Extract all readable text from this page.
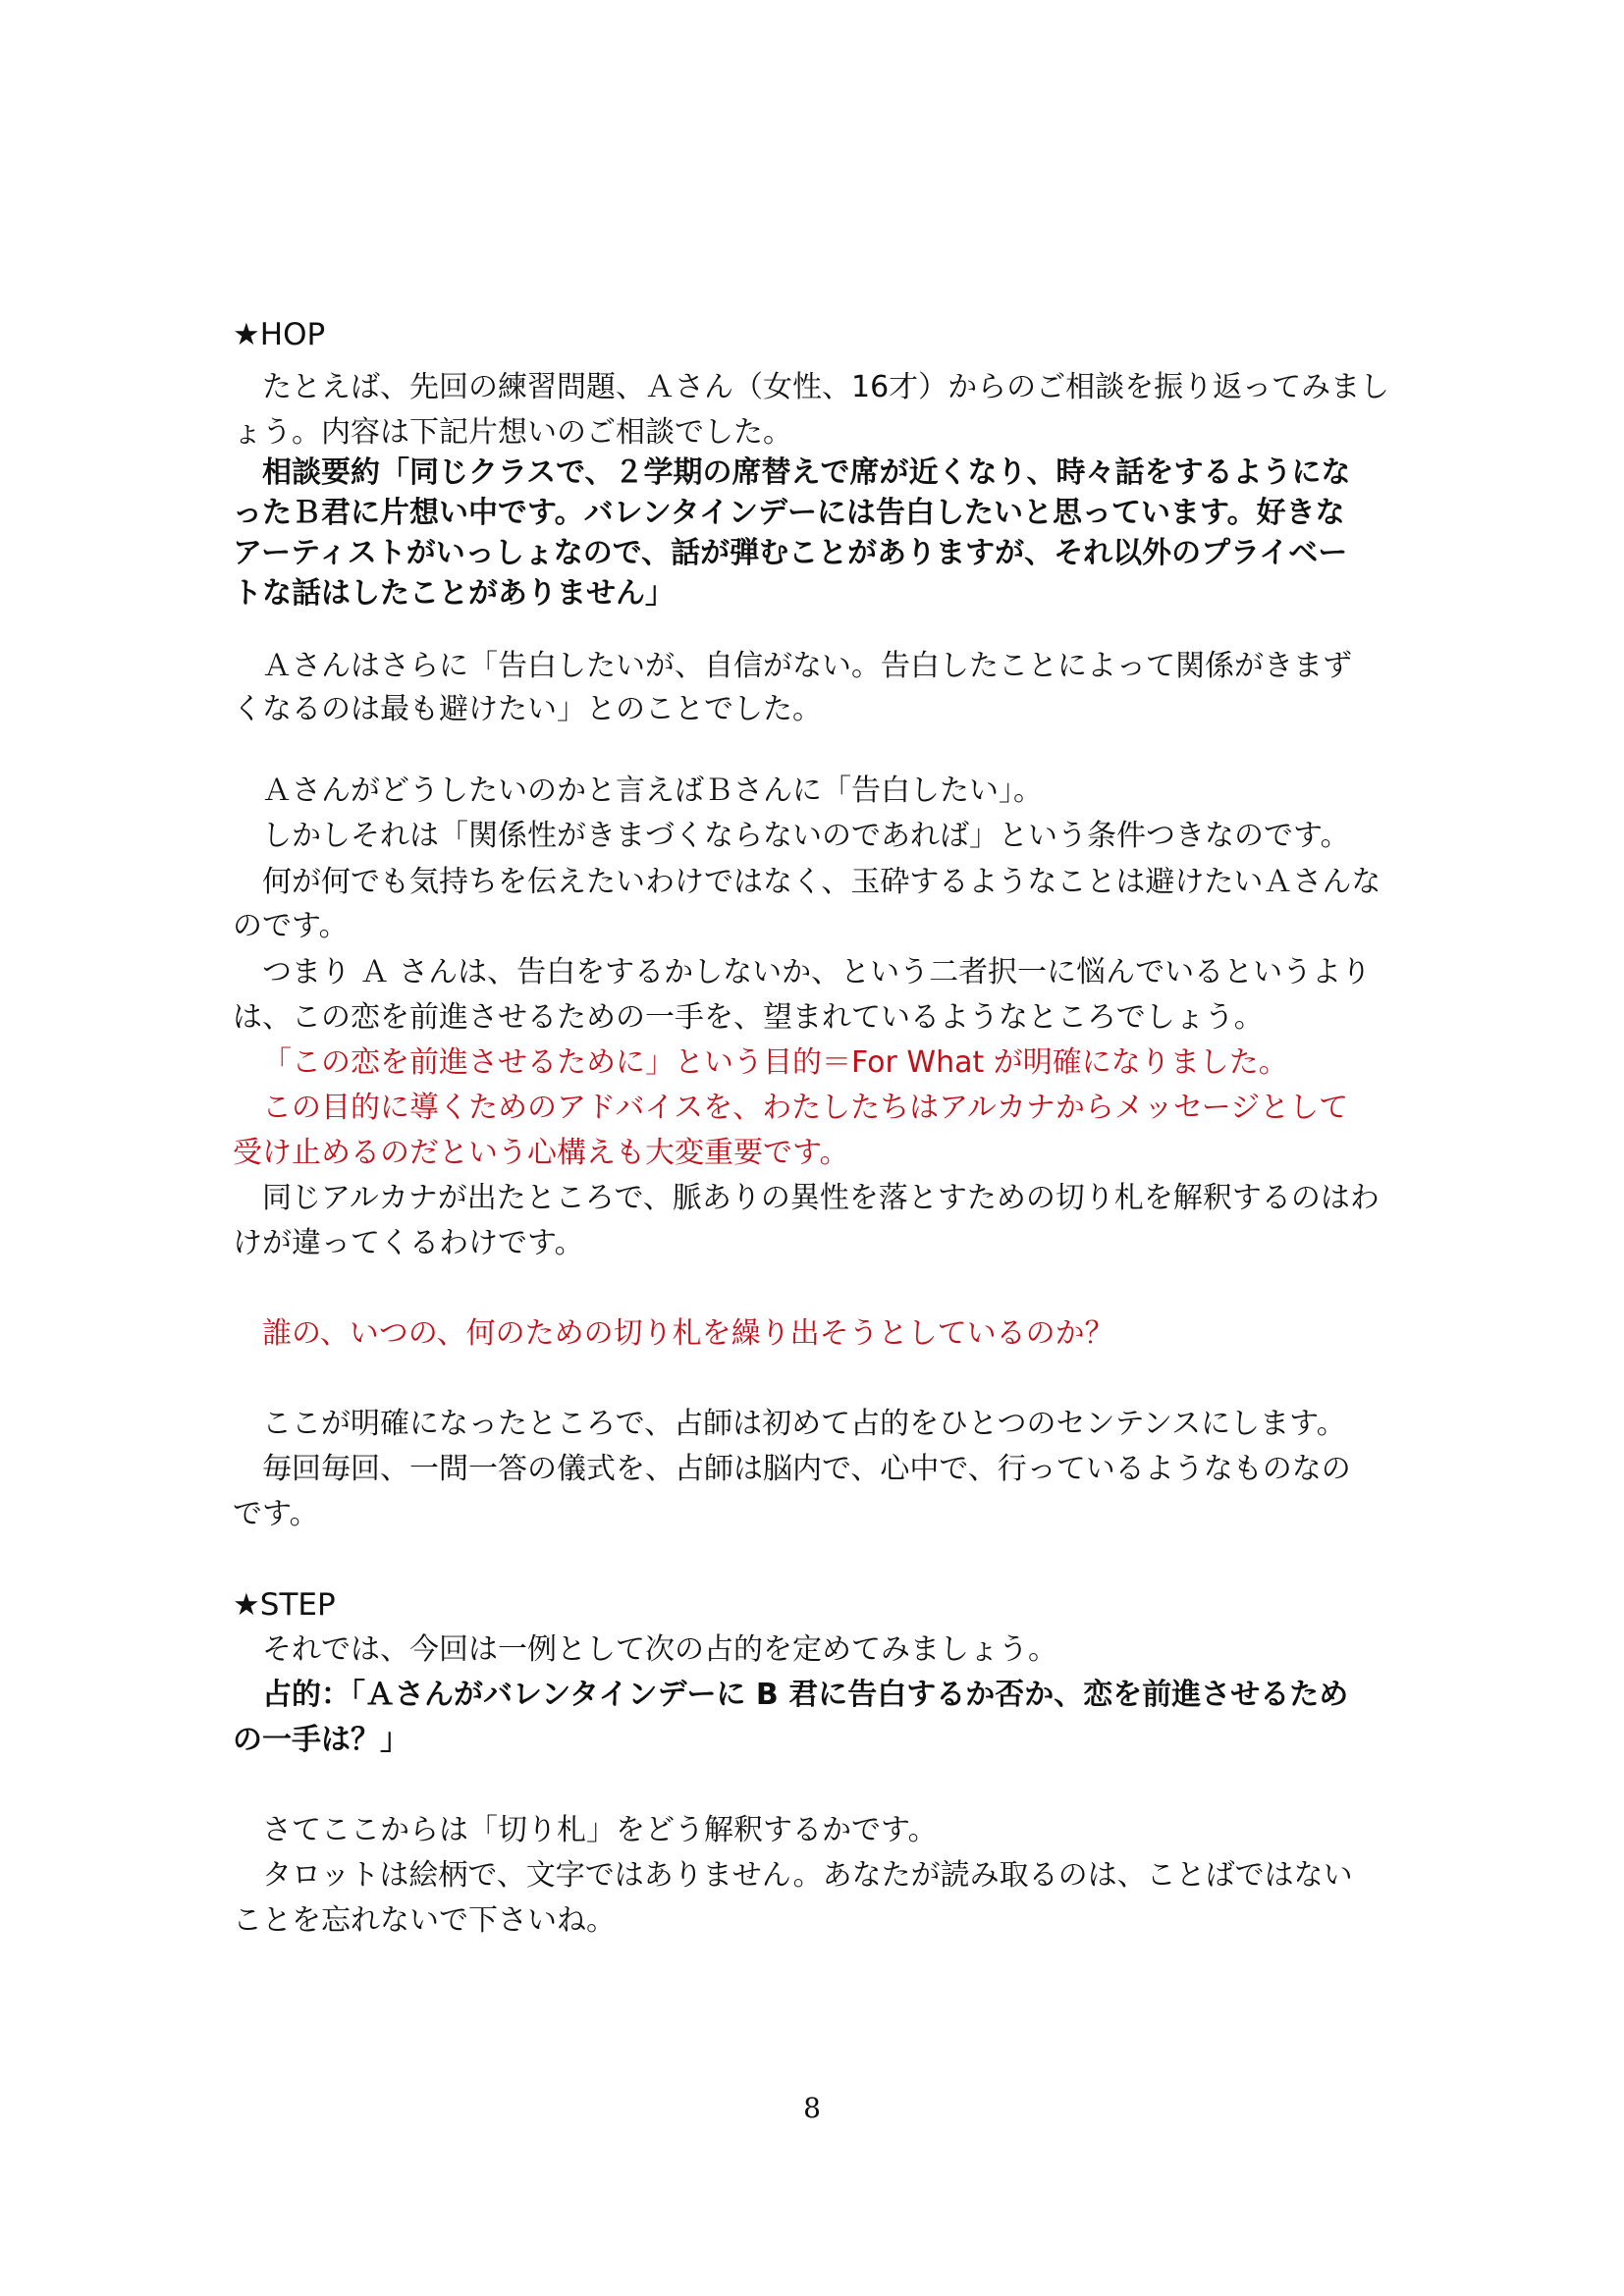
★HOP

たとえば、先回の練習問題、Ａさん（女性、16才）からのご相談を振り返ってみまし

ょう。内容は下記片想いのご相談でした。

相談要約「同じクラスで、２学期の席替えで席が近くなり、時々話をするようにな

ったＢ君に片想い中です。バレンタインデーには告白したいと思っています。好きな

アーティストがいっしょなので、話が弾むことがありますが、それ以外のプライベー

トな話はしたことがありません」

Ａさんはさらに「告白したいが、自信がない。告白したことによって関係がきまず

くなるのは最も避けたい」とのことでした。

Ａさんがどうしたいのかと言えばＢさんに「告白したい」。

しかしそれは「関係性がきまづくならないのであれば」という条件つきなのです。

何が何でも気持ちを伝えたいわけではなく、玉砕するようなことは避けたいＡさんな

のです。

つまり Ａ さんは、告白をするかしないか、という二者択一に悩んでいるというより

は、この恋を前進させるための一手を、望まれているようなところでしょう。

「この恋を前進させるために」という目的＝For What が明確になりました。

この目的に導くためのアドバイスを、わたしたちはアルカナからメッセージとして

受け止めるのだという心構えも大変重要です。

同じアルカナが出たところで、脈ありの異性を落とすための切り札を解釈するのはわ

けが違ってくるわけです。

誰の、いつの、何のための切り札を繰り出そうとしているのか？

ここが明確になったところで、占師は初めて占的をひとつのセンテンスにします。

毎回毎回、一問一答の儀式を、占師は脳内で、心中で、行っているようなものなの

です。

★STEP

それでは、今回は一例として次の占的を定めてみましょう。

占的：「Ａさんがバレンタインデーに B 君に告白するか否か、恋を前進させるため

の一手は？」

さてここからは「切り札」をどう解釈するかです。

タロットは絵柄で、文字ではありません。あなたが読み取るのは、ことばではない

ことを忘れないで下さいね。

8
